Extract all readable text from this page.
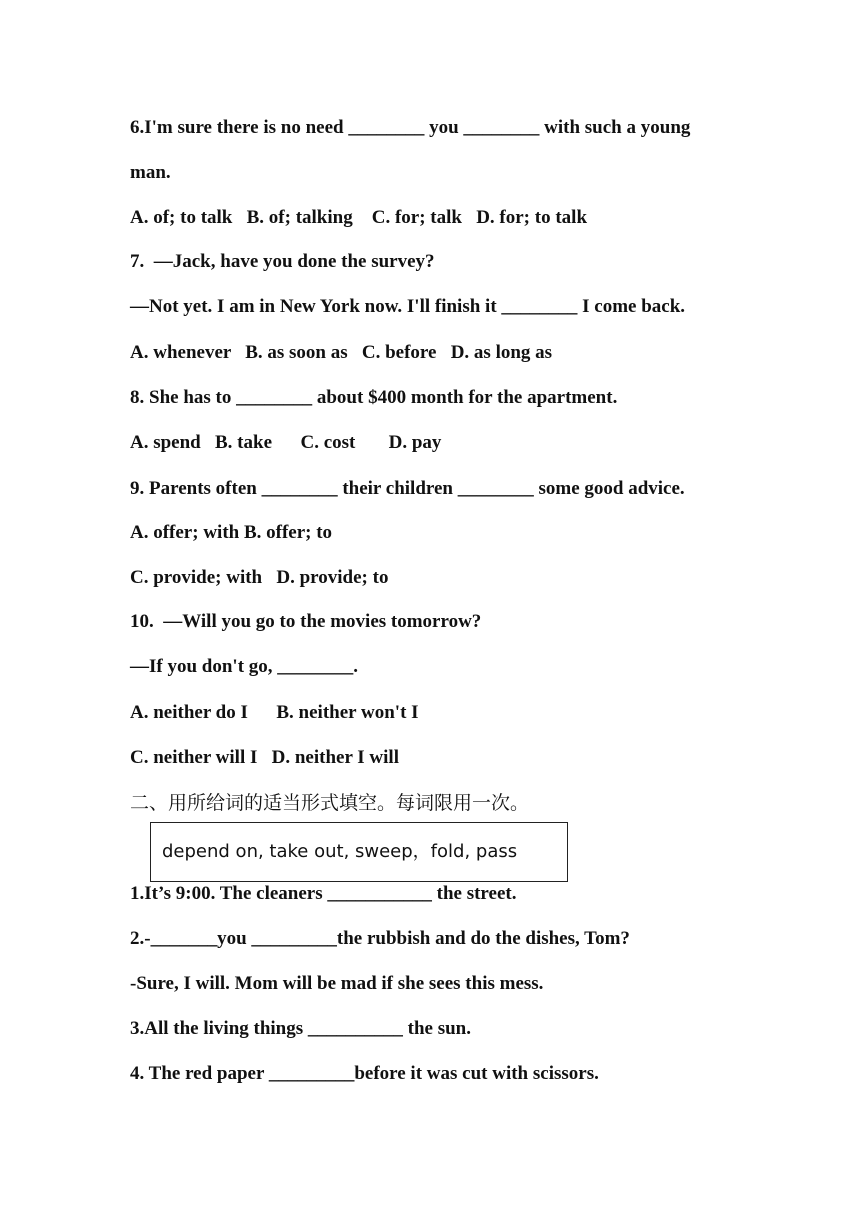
6.I'm sure there is no need ________ you ________ with such a young
man.
A. of; to talk   B. of; talking    C. for; talk   D. for; to talk
7.  —Jack, have you done the survey?
—Not yet. I am in New York now. I'll finish it ________ I come back.
A. whenever   B. as soon as   C. before   D. as long as
8. She has to ________ about $400 month for the apartment.
A. spend   B. take      C. cost       D. pay
9. Parents often ________ their children ________ some good advice.
A. offer; with B. offer; to
C. provide; with   D. provide; to
10.  —Will you go to the movies tomorrow?
—If you don't go, ________.
A. neither do I      B. neither won't I
C. neither will I   D. neither I will
二、用所给词的适当形式填空。每词限用一次。
depend on, take out, sweep，fold, pass
1.It’s 9:00. The cleaners ___________ the street.
2.-_______you _________the rubbish and do the dishes, Tom?
-Sure, I will. Mom will be mad if she sees this mess.
3.All the living things __________ the sun.
4. The red paper _________before it was cut with scissors.
